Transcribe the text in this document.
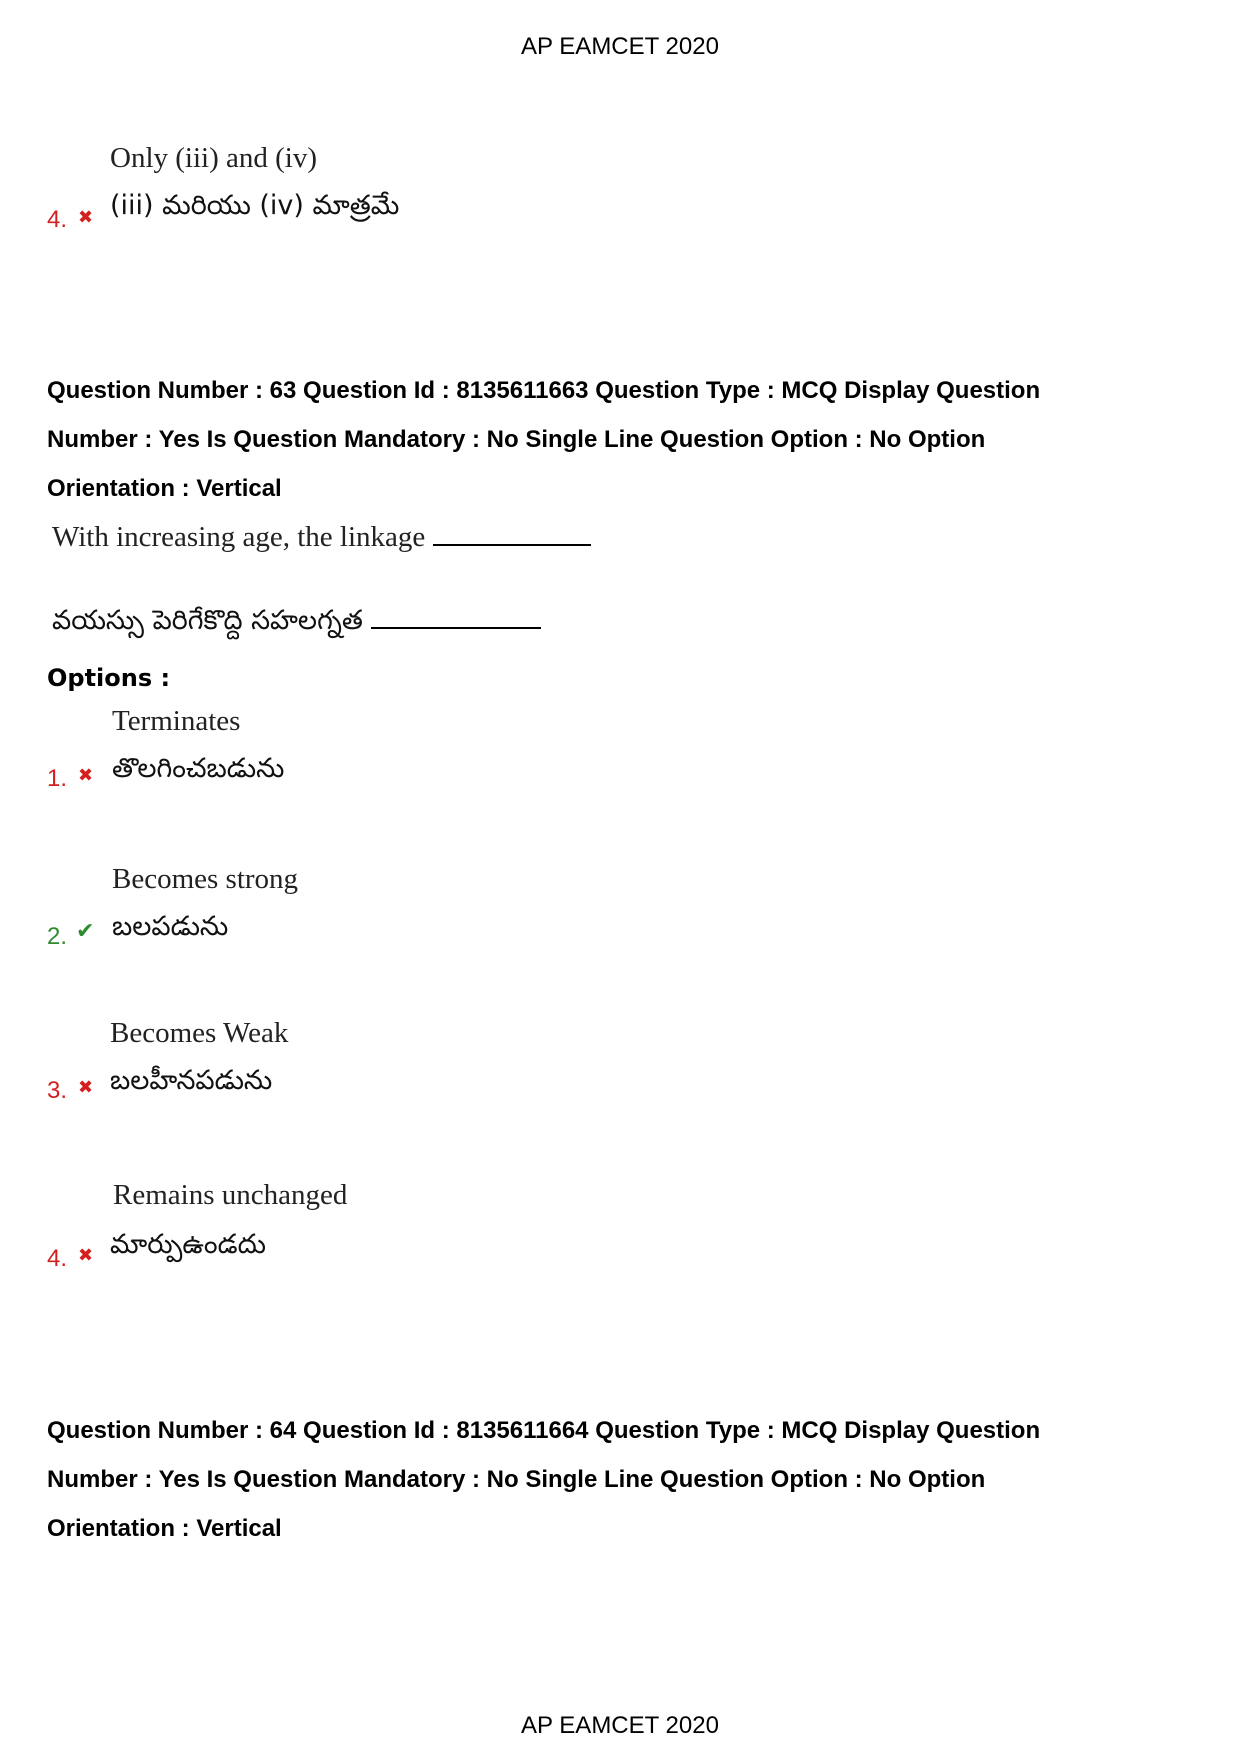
AP EAMCET 2020
Only (iii) and (iv)
(iii) మరియు (iv) మాత్రమే
4. ✖
Question Number : 63 Question Id : 8135611663 Question Type : MCQ Display Question
Number : Yes Is Question Mandatory : No Single Line Question Option : No Option
Orientation : Vertical
With increasing age, the linkage
వయస్సు పెరిగేకొద్ది సహలగ్నత
Options :
Terminates
తొలగించబడును
1. ✖
Becomes strong
బలపడును
2. ✔
Becomes Weak
బలహీనపడును
3. ✖
Remains unchanged
మార్పుఉండదు
4. ✖
Question Number : 64 Question Id : 8135611664 Question Type : MCQ Display Question
Number : Yes Is Question Mandatory : No Single Line Question Option : No Option
Orientation : Vertical
AP EAMCET 2020
